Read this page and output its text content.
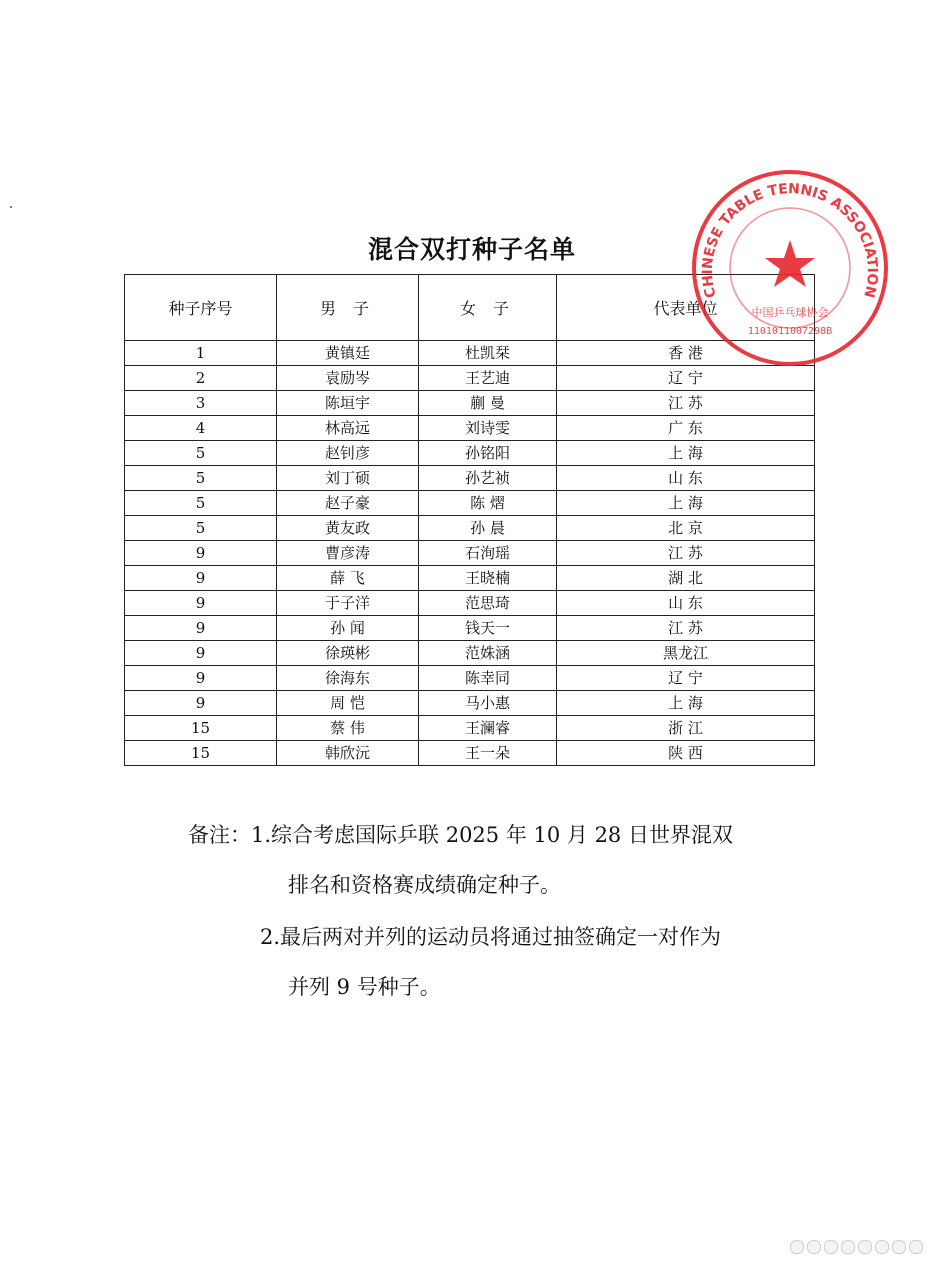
混合双打种子名单
种子序号	男 子	女 子	代表单位
1	黄镇廷	杜凯栞	香 港
2	袁励岑	王艺迪	辽 宁
3	陈垣宇	蒯 曼	江 苏
4	林高远	刘诗雯	广 东
5	赵钊彦	孙铭阳	上 海
5	刘丁硕	孙艺祯	山 东
5	赵子豪	陈 熠	上 海
5	黄友政	孙 晨	北 京
9	曹彦涛	石洵瑶	江 苏
9	薛 飞	王晓楠	湖 北
9	于子洋	范思琦	山 东
9	孙 闻	钱天一	江 苏
9	徐瑛彬	范姝涵	黑龙江
9	徐海东	陈幸同	辽 宁
9	周 恺	马小惠	上 海
15	蔡 伟	王澜睿	浙 江
15	韩欣沅	王一朵	陕 西
备注：1.综合考虑国际乒联 2025 年 10 月 28 日世界混双
排名和资格赛成绩确定种子。
2.最后两对并列的运动员将通过抽签确定一对作为
并列 9 号种子。
CHINESE TABLE TENNIS ASSOCIATION
中国乒乓球协会
1101011007298B
